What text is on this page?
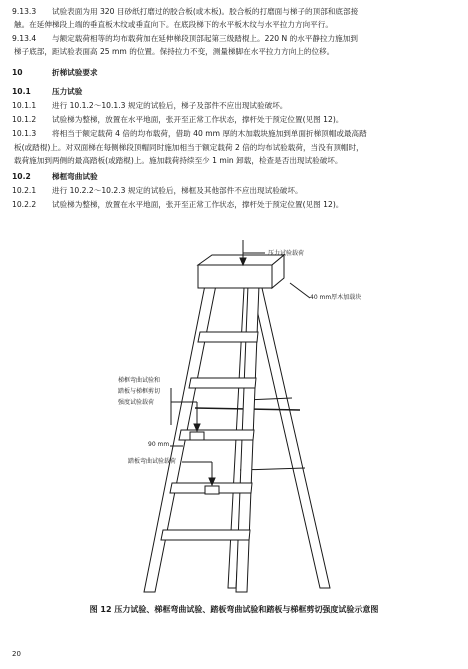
9.13.3 试验表面为用 320 目砂纸打磨过的胶合板(或木板)。胶合板的打磨面与梯子的顶部和底部接
触。在延伸梯段上端的垂直板木纹或垂直向下。在底段梯下的水平板木纹与水平拉力方向平行。
9.13.4 与额定载荷相等的均布载荷加在延伸梯段顶部起第三级踏棍上。220 N 的水平静拉力施加到
梯子底部，距试验表面高 25 mm 的位置。保持拉力不变，测量梯脚在水平拉力方向上的位移。
10	折梯试验要求
10.1	压力试验
10.1.1 进行 10.1.2～10.1.3 规定的试验后，梯子及部件不应出现试验破坏。
10.1.2 试验梯为整梯，放置在水平地面，张开至正常工作状态，撑杆处于预定位置(见图 12)。
10.1.3 将相当于额定载荷 4 倍的均布载荷，借助 40 mm 厚的木加载块施加到单面折梯顶帽或最高踏
板(或踏棍)上。对双面梯在每侧梯段顶帽同时施加相当于额定载荷 2 倍的均布试验载荷，当没有顶帽时，
载荷施加到两侧的最高踏板(或踏棍)上。施加载荷持续至少 1 min 卸载，检查是否出现试验破坏。
10.2	梯框弯曲试验
10.2.1 进行 10.2.2～10.2.3 规定的试验后，梯框及其他部件不应出现试验破坏。
10.2.2 试验梯为整梯，放置在水平地面，张开至正常工作状态，撑杆处于预定位置(见图 12)。
压力试验载荷
40 mm厚木加载块
梯框弯曲试验和
踏板与梯框剪切
强度试验载荷
90 mm
踏板弯曲试验载荷
图 12 压力试验、梯框弯曲试验、踏板弯曲试验和踏板与梯框剪切强度试验示意图
20
